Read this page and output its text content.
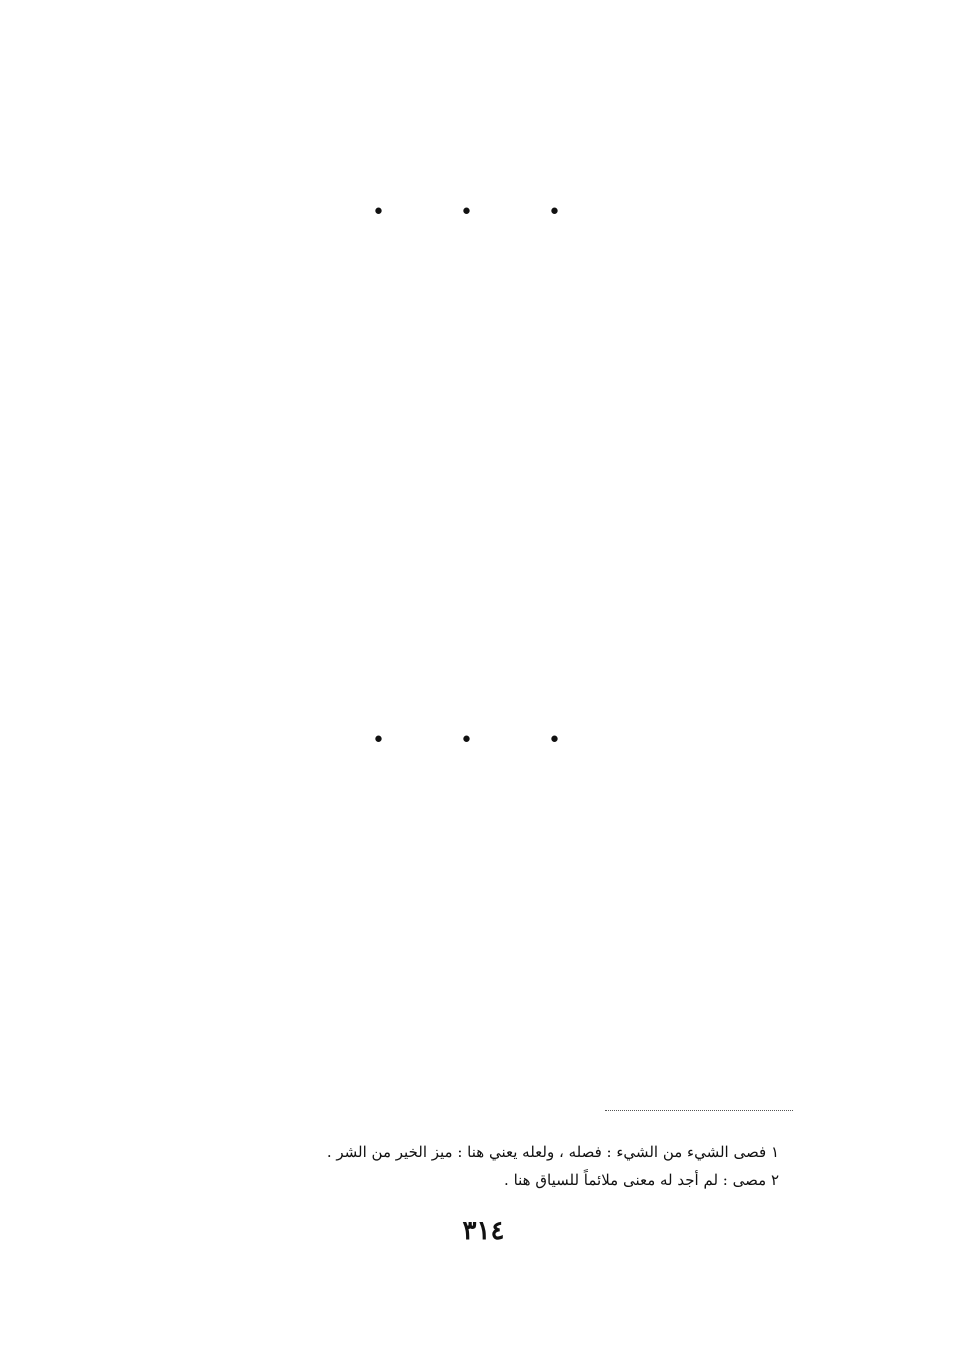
• • •
• • •
١ فصى الشيء من الشيء : فصله ، ولعله يعني هنا : ميز الخير من الشر .
٢ مصى : لم أجد له معنى ملائماً للسياق هنا .
٣١٤
